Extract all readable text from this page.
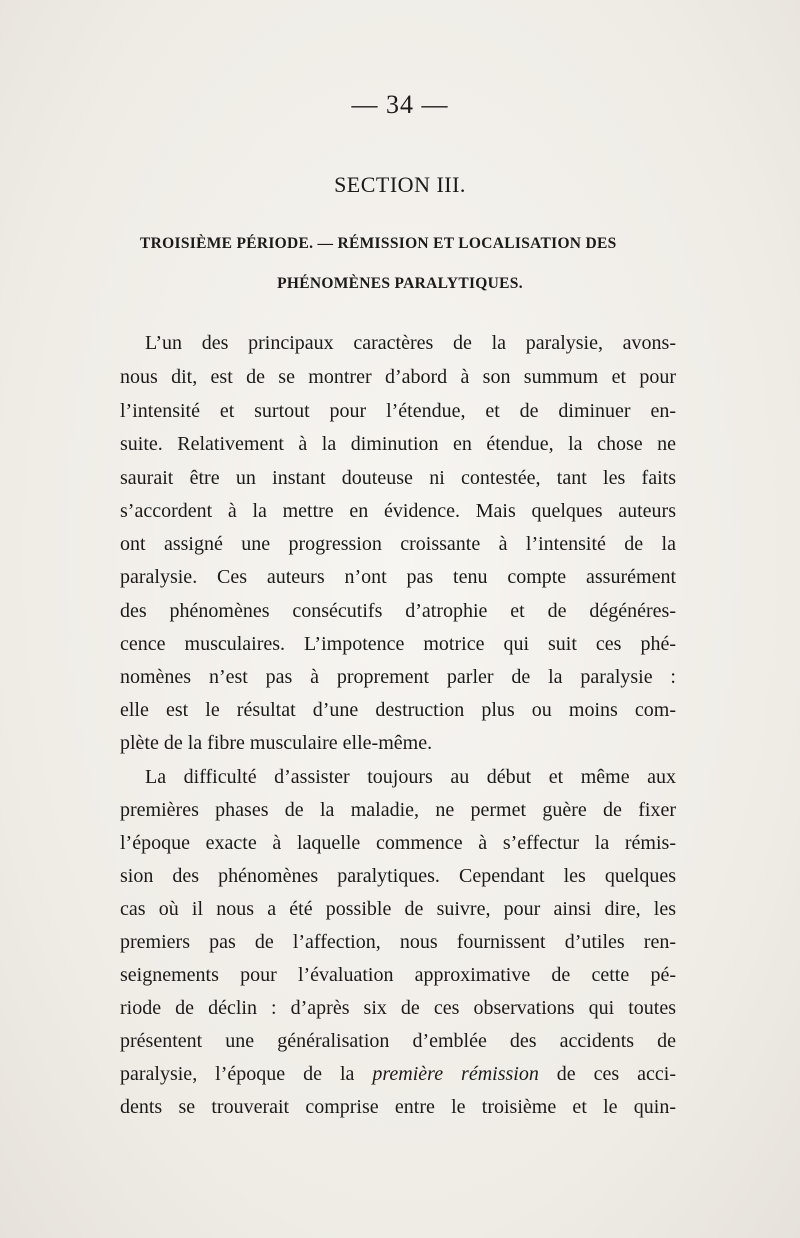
— 34 —
SECTION III.
TROISIÈME PÉRIODE. — RÉMISSION ET LOCALISATION DES
PHÉNOMÈNES PARALYTIQUES.
L’un des principaux caractères de la paralysie, avons-
nous dit, est de se montrer d’abord à son summum et pour
l’intensité et surtout pour l’étendue, et de diminuer en-
suite. Relativement à la diminution en étendue, la chose ne
saurait être un instant douteuse ni contestée, tant les faits
s’accordent à la mettre en évidence. Mais quelques auteurs
ont assigné une progression croissante à l’intensité de la
paralysie. Ces auteurs n’ont pas tenu compte assurément
des phénomènes consécutifs d’atrophie et de dégénéres-
cence musculaires. L’impotence motrice qui suit ces phé-
nomènes n’est pas à proprement parler de la paralysie :
elle est le résultat d’une destruction plus ou moins com-
plète de la fibre musculaire elle-même.
La difficulté d’assister toujours au début et même aux
premières phases de la maladie, ne permet guère de fixer
l’époque exacte à laquelle commence à s’effectur la rémis-
sion des phénomènes paralytiques. Cependant les quelques
cas où il nous a été possible de suivre, pour ainsi dire, les
premiers pas de l’affection, nous fournissent d’utiles ren-
seignements pour l’évaluation approximative de cette pé-
riode de déclin : d’après six de ces observations qui toutes
présentent une généralisation d’emblée des accidents de
paralysie, l’époque de la première rémission de ces acci-
dents se trouverait comprise entre le troisième et le quin-
